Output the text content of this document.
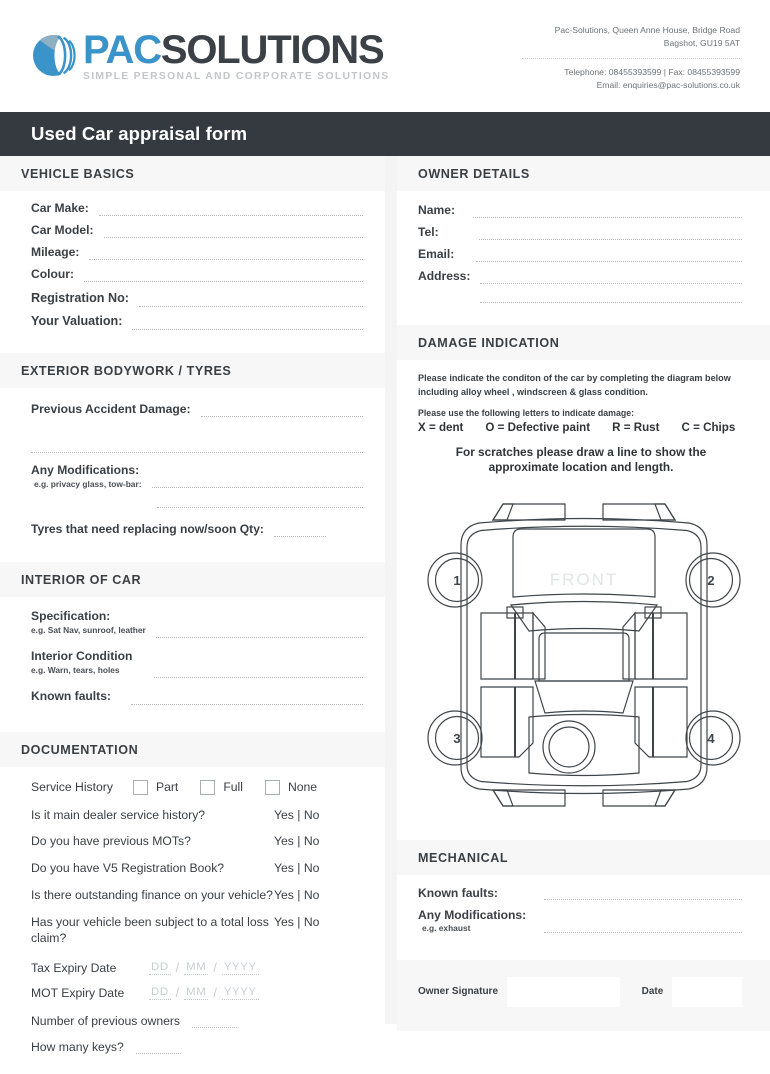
PACSOLUTIONS
SIMPLE PERSONAL AND CORPORATE SOLUTIONS
Pac-Solutions, Queen Anne House, Bridge Road
Bagshot, GU19 5AT
Telephone: 08455393599 | Fax: 08455393599
Email: enquiries@pac-solutions.co.uk
Used Car appraisal form
VEHICLE BASICS
Car Make:
Car Model:
Mileage:
Colour:
Registration No:
Your Valuation:
EXTERIOR BODYWORK / TYRES
Previous Accident Damage:
Any Modifications:
e.g. privacy glass, tow-bar:
Tyres that need replacing now/soon Qty:
INTERIOR OF CAR
Specification:
e.g. Sat Nav, sunroof, leather
Interior Condition
e.g. Warn, tears, holes
Known faults:
DOCUMENTATION
Service History	Part	Full	None
Is it main dealer service history?	Yes | No
Do you have previous MOTs?	Yes | No
Do you have V5 Registration Book?	Yes | No
Is there outstanding finance on your vehicle? Yes | No
Has your vehicle been subject to a total loss claim?
Yes | No
Tax Expiry Date	DD / MM / YYYY
MOT Expiry Date	DD / MM / YYYY
Number of previous owners
How many keys?
OWNER DETAILS
Name:
Tel:
Email:
Address:
DAMAGE INDICATION
Please indicate the conditon of the car by completing the diagram below including alloy wheel , windscreen & glass condition.
Please use the following letters to indicate damage:
X = dent O = Defective paint R = Rust C = Chips
For scratches please draw a line to show the approximate location and length.
1	2
3	4
FRONT
MECHANICAL
Known faults:
Any Modifications:
e.g. exhaust
Owner Signature	Date
